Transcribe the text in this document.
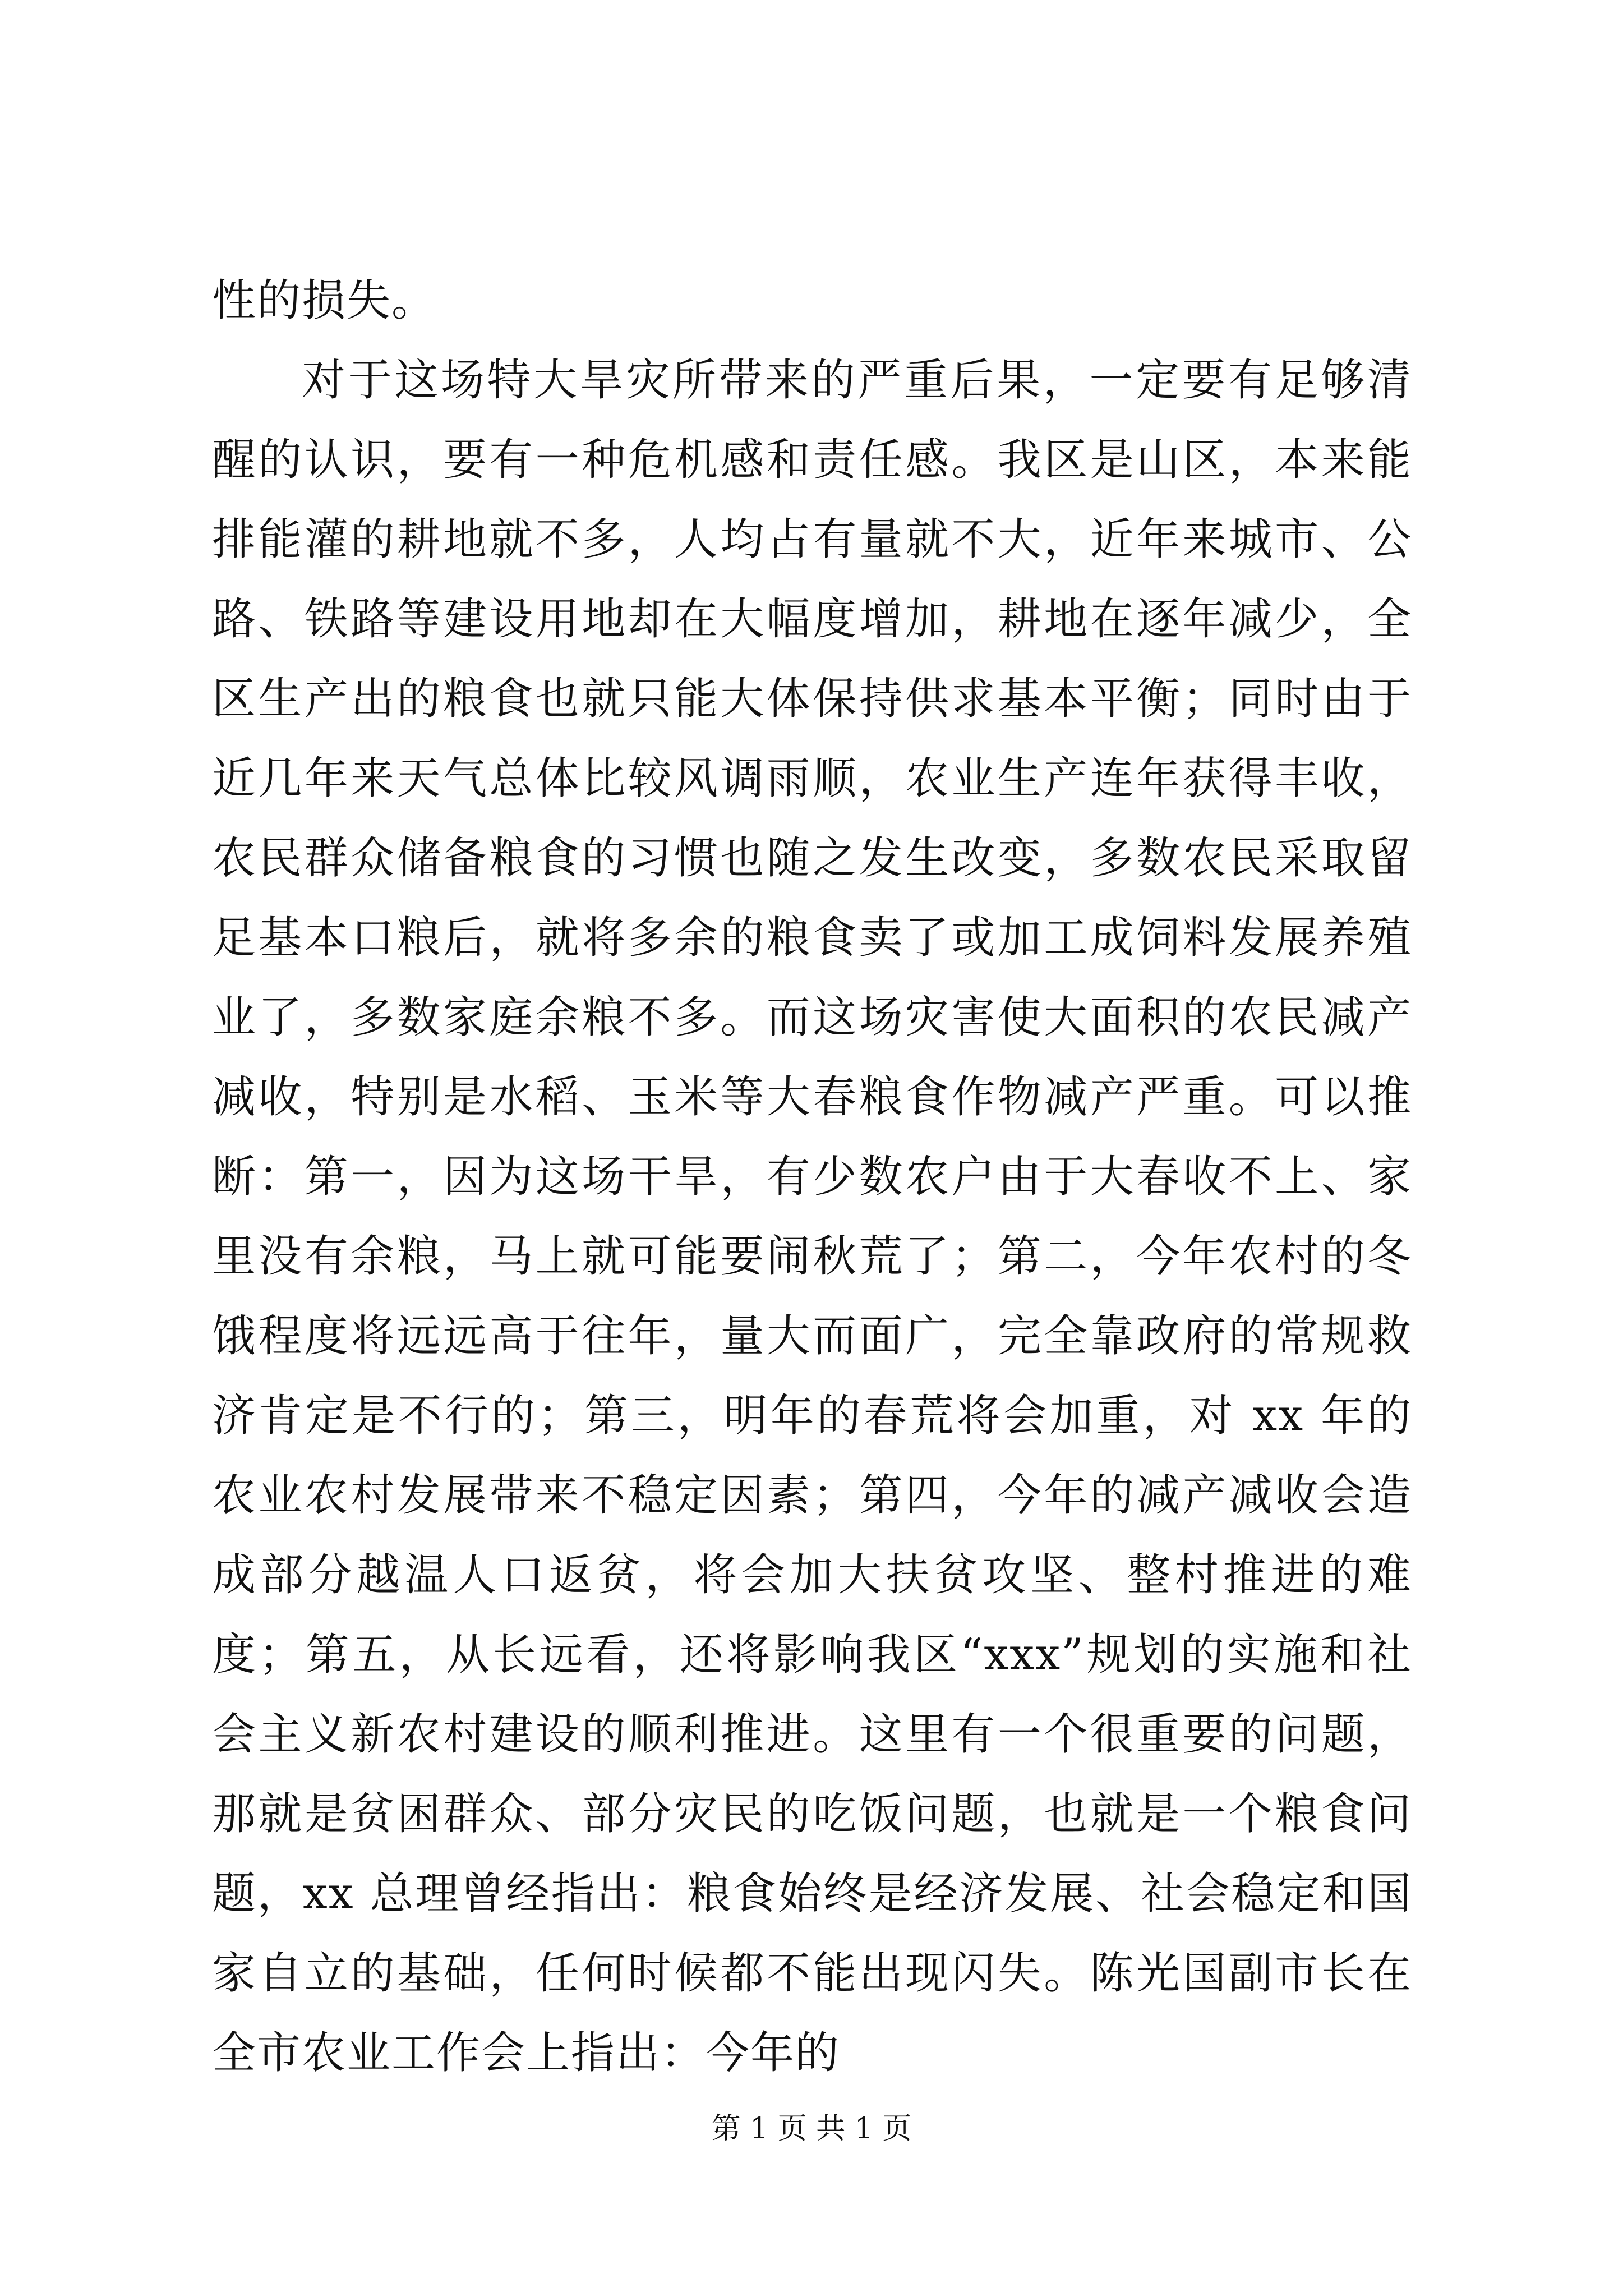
性的损失。

对于这场特大旱灾所带来的严重后果，一定要有足够清醒的认识，要有一种危机感和责任感。我区是山区，本来能排能灌的耕地就不多，人均占有量就不大，近年来城市、公路、铁路等建设用地却在大幅度增加，耕地在逐年减少，全区生产出的粮食也就只能大体保持供求基本平衡；同时由于近几年来天气总体比较风调雨顺，农业生产连年获得丰收，农民群众储备粮食的习惯也随之发生改变，多数农民采取留足基本口粮后，就将多余的粮食卖了或加工成饲料发展养殖业了，多数家庭余粮不多。而这场灾害使大面积的农民减产减收，特别是水稻、玉米等大春粮食作物减产严重。可以推断：第一，因为这场干旱，有少数农户由于大春收不上、家里没有余粮，马上就可能要闹秋荒了；第二，今年农村的冬饿程度将远远高于往年，量大而面广，完全靠政府的常规救济肯定是不行的；第三，明年的春荒将会加重，对 xx 年的农业农村发展带来不稳定因素；第四，今年的减产减收会造成部分越温人口返贫，将会加大扶贫攻坚、整村推进的难度；第五，从长远看，还将影响我区“xxx”规划的实施和社会主义新农村建设的顺利推进。这里有一个很重要的问题，那就是贫困群众、部分灾民的吃饭问题，也就是一个粮食问题，xx 总理曾经指出：粮食始终是经济发展、社会稳定和国家自立的基础，任何时候都不能出现闪失。陈光国副市长在全市农业工作会上指出：今年的

第 1 页 共 1 页
